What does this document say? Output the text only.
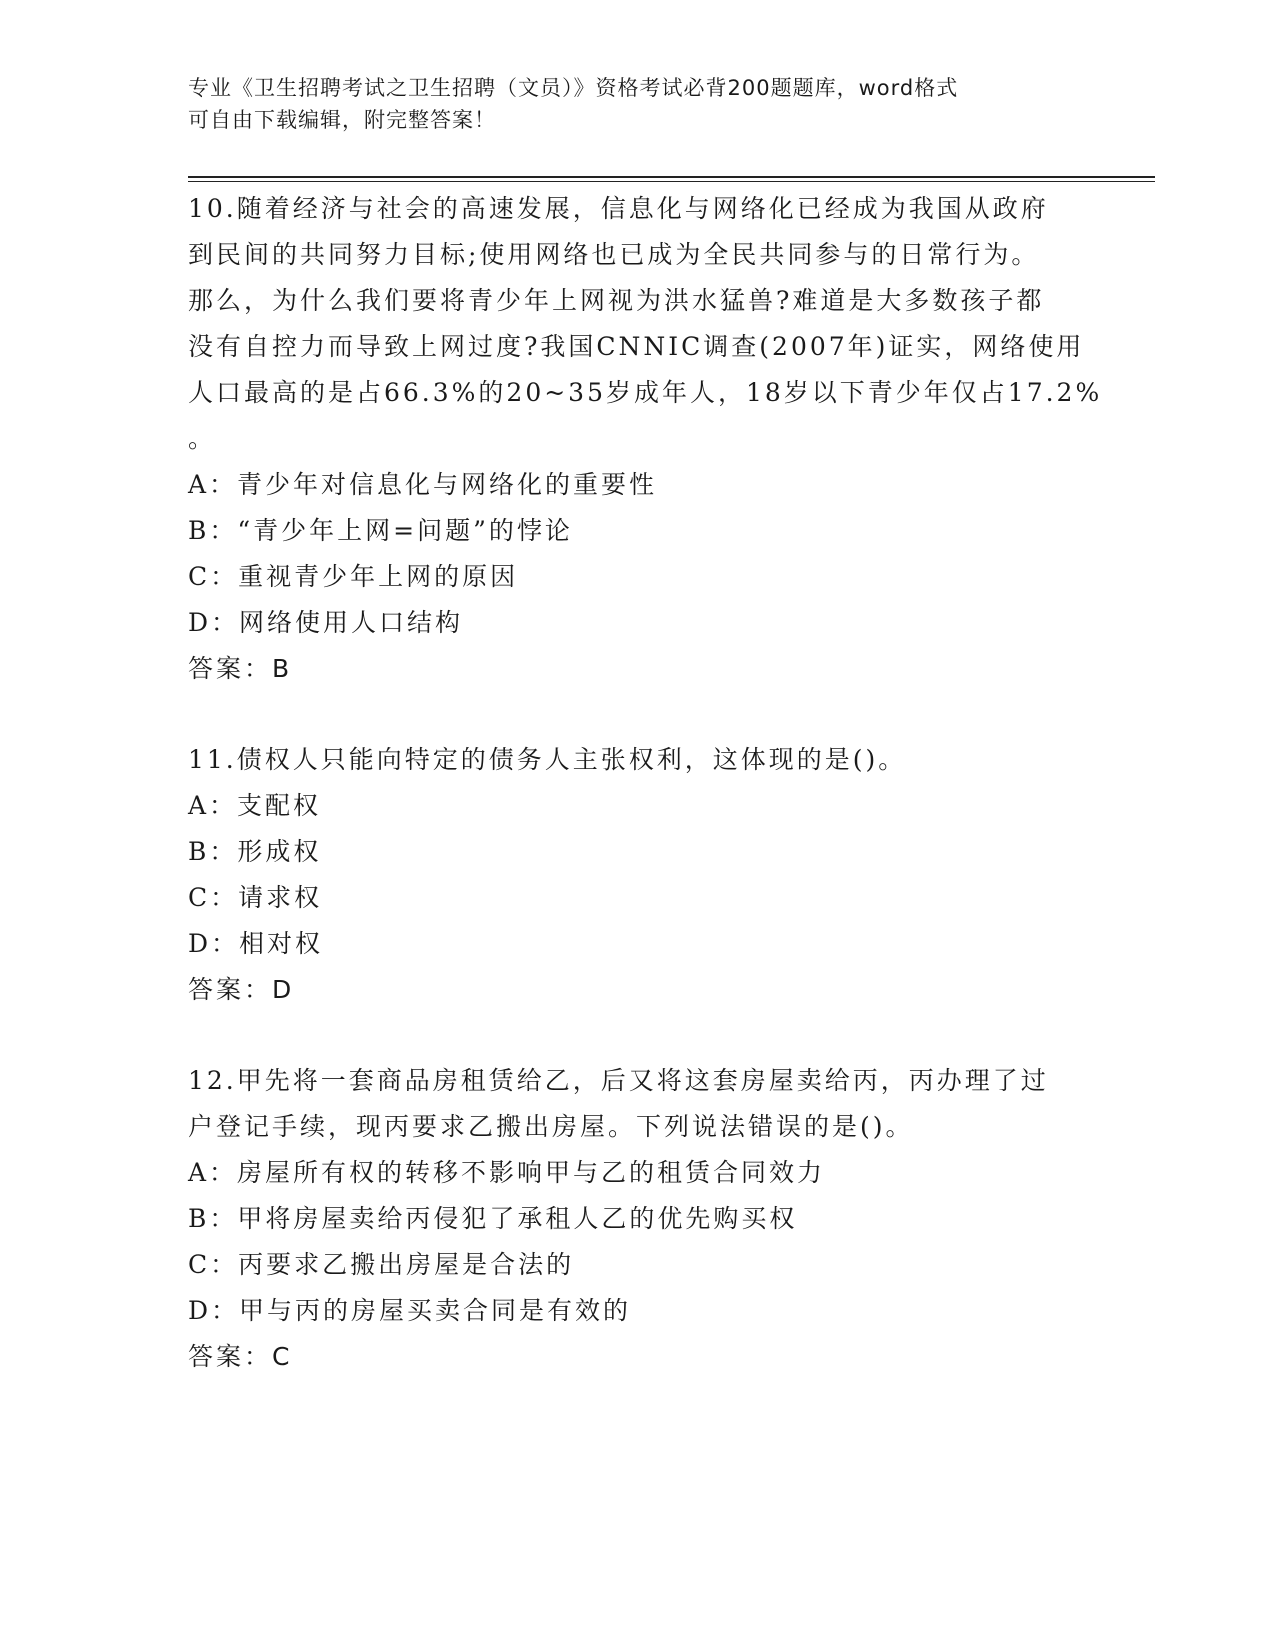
专业《卫生招聘考试之卫生招聘（文员）》资格考试必背200题题库，word格式
可自由下载编辑，附完整答案！
10.随着经济与社会的高速发展，信息化与网络化已经成为我国从政府
到民间的共同努力目标;使用网络也已成为全民共同参与的日常行为。
那么，为什么我们要将青少年上网视为洪水猛兽?难道是大多数孩子都
没有自控力而导致上网过度?我国CNNIC调查(2007年)证实，网络使用
人口最高的是占66.3%的20~35岁成年人，18岁以下青少年仅占17.2%
。
A：青少年对信息化与网络化的重要性
B：“青少年上网=问题”的悖论
C：重视青少年上网的原因
D：网络使用人口结构
答案：B
11.债权人只能向特定的债务人主张权利，这体现的是()。
A：支配权
B：形成权
C：请求权
D：相对权
答案：D
12.甲先将一套商品房租赁给乙，后又将这套房屋卖给丙，丙办理了过
户登记手续，现丙要求乙搬出房屋。下列说法错误的是()。
A：房屋所有权的转移不影响甲与乙的租赁合同效力
B：甲将房屋卖给丙侵犯了承租人乙的优先购买权
C：丙要求乙搬出房屋是合法的
D：甲与丙的房屋买卖合同是有效的
答案：C
